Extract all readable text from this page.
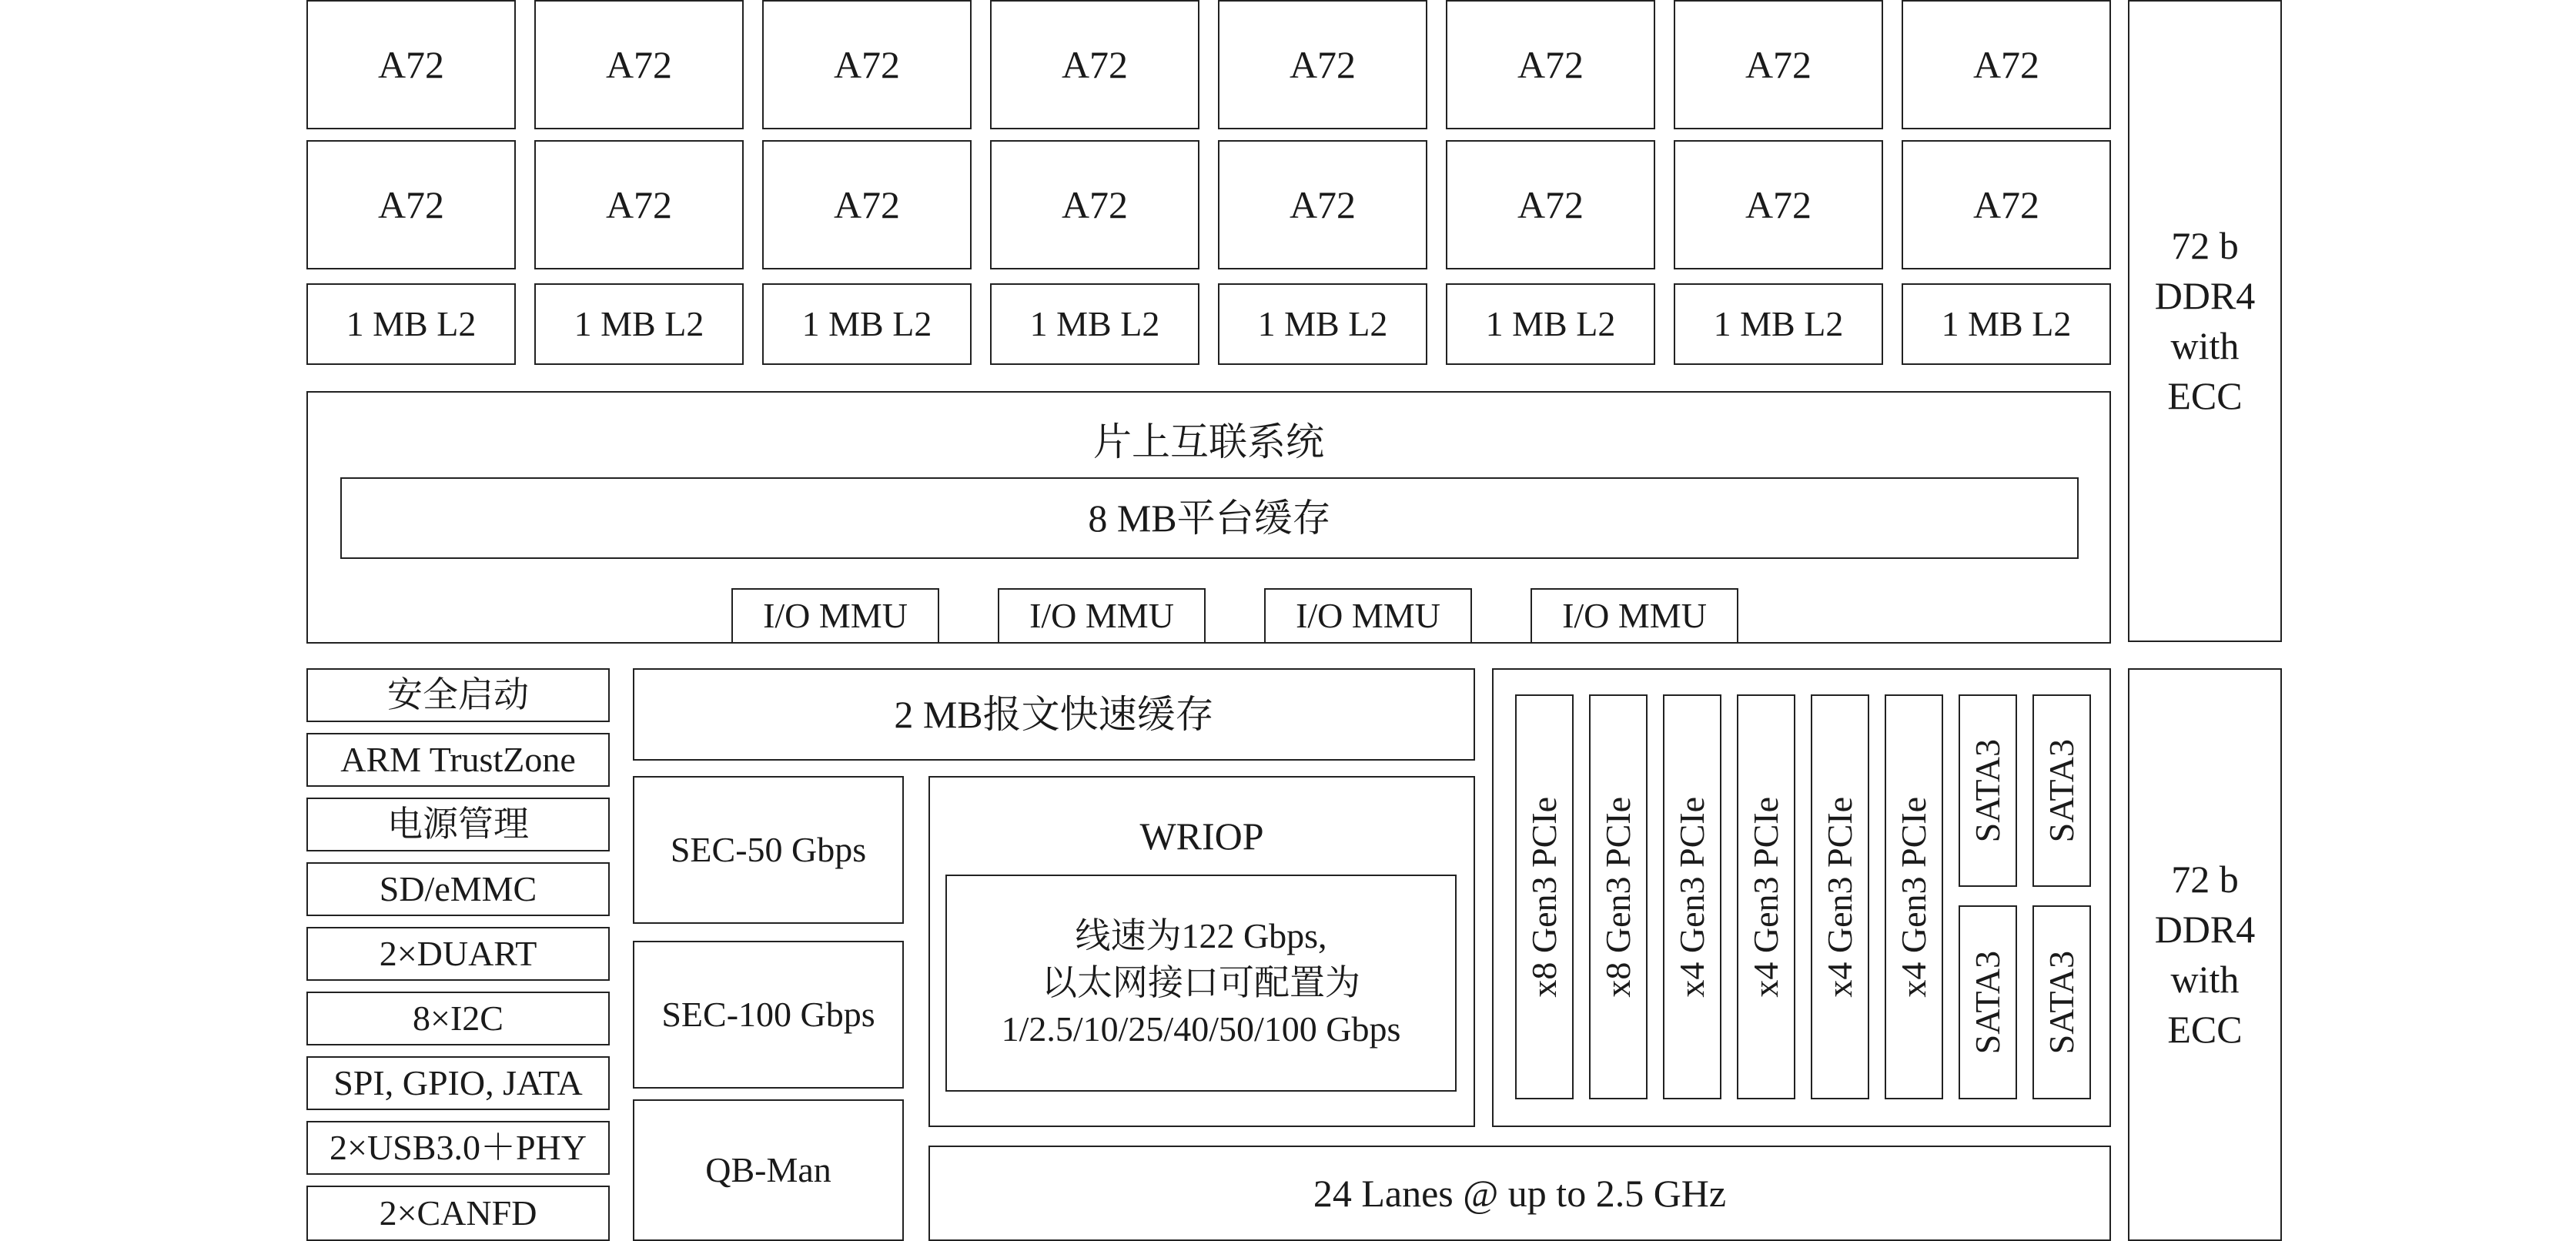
A72	A72	A72	A72	A72	A72	A72	A72
A72	A72	A72	A72	A72	A72	A72	A72
1 MB L2	1 MB L2	1 MB L2	1 MB L2	1 MB L2	1 MB L2	1 MB L2	1 MB L2
72 b
DDR4
with
ECC
72 b
DDR4
with
ECC
片上互联系统
8 MB平台缓存
I/O MMU	I/O MMU	I/O MMU	I/O MMU
安全启动
ARM TrustZone
电源管理
SD/eMMC
2×DUART
8×I2C
SPI, GPIO, JATA
2×USB3.0＋PHY
2×CANFD
2 MB报文快速缓存
SEC-50 Gbps
SEC-100 Gbps
QB-Man
WRIOP
线速为122 Gbps,
以太网接口可配置为
1/2.5/10/25/40/50/100 Gbps
x8 Gen3 PCIe x8 Gen3 PCIe x4 Gen3 PCIe x4 Gen3 PCIe x4 Gen3 PCIe x4 Gen3 PCIe
SATA3 SATA3
SATA3 SATA3
24 Lanes @ up to 2.5 GHz
